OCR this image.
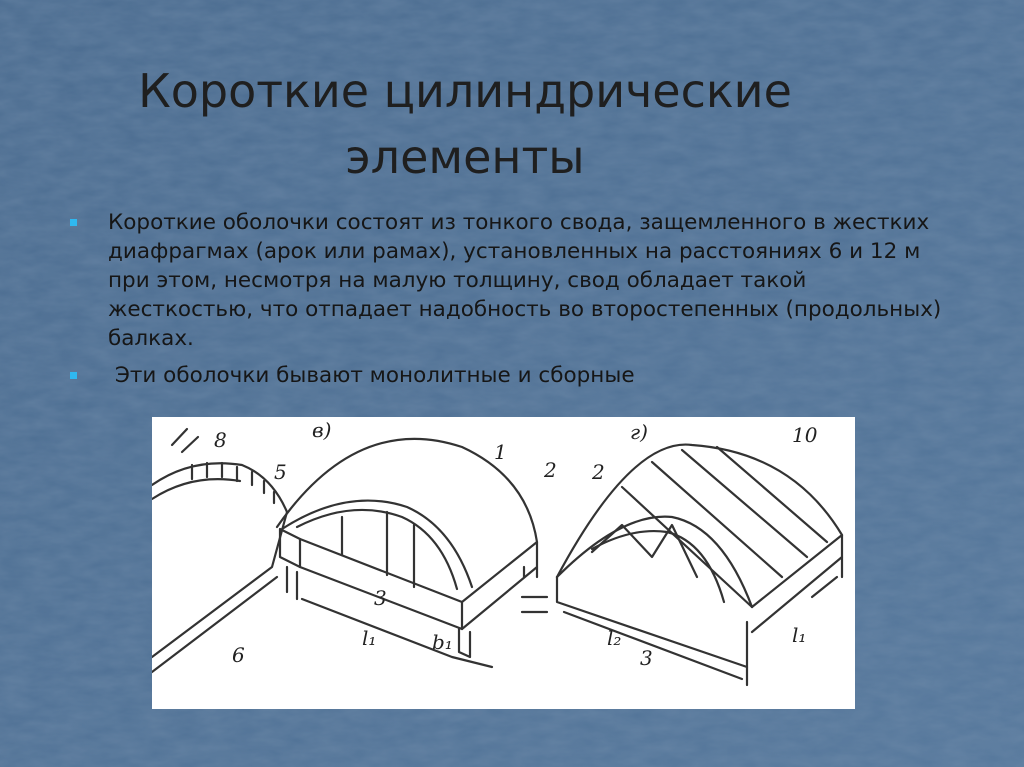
Короткие цилиндрические
элементы
Короткие оболочки состоят из тонкого свода, защемленного в жестких диафрагмах (арок или рамах), установленных на расстояниях 6 и 12 м при этом, несмотря на малую толщину, свод обладает такой жесткостью, что отпадает надобность во второстепенных (продольных) балках.
Эти оболочки бывают монолитные и сборные
8
5
6
в)
1
2
3
l₁	b₁
г)	10
2
3
l₂	l₁
